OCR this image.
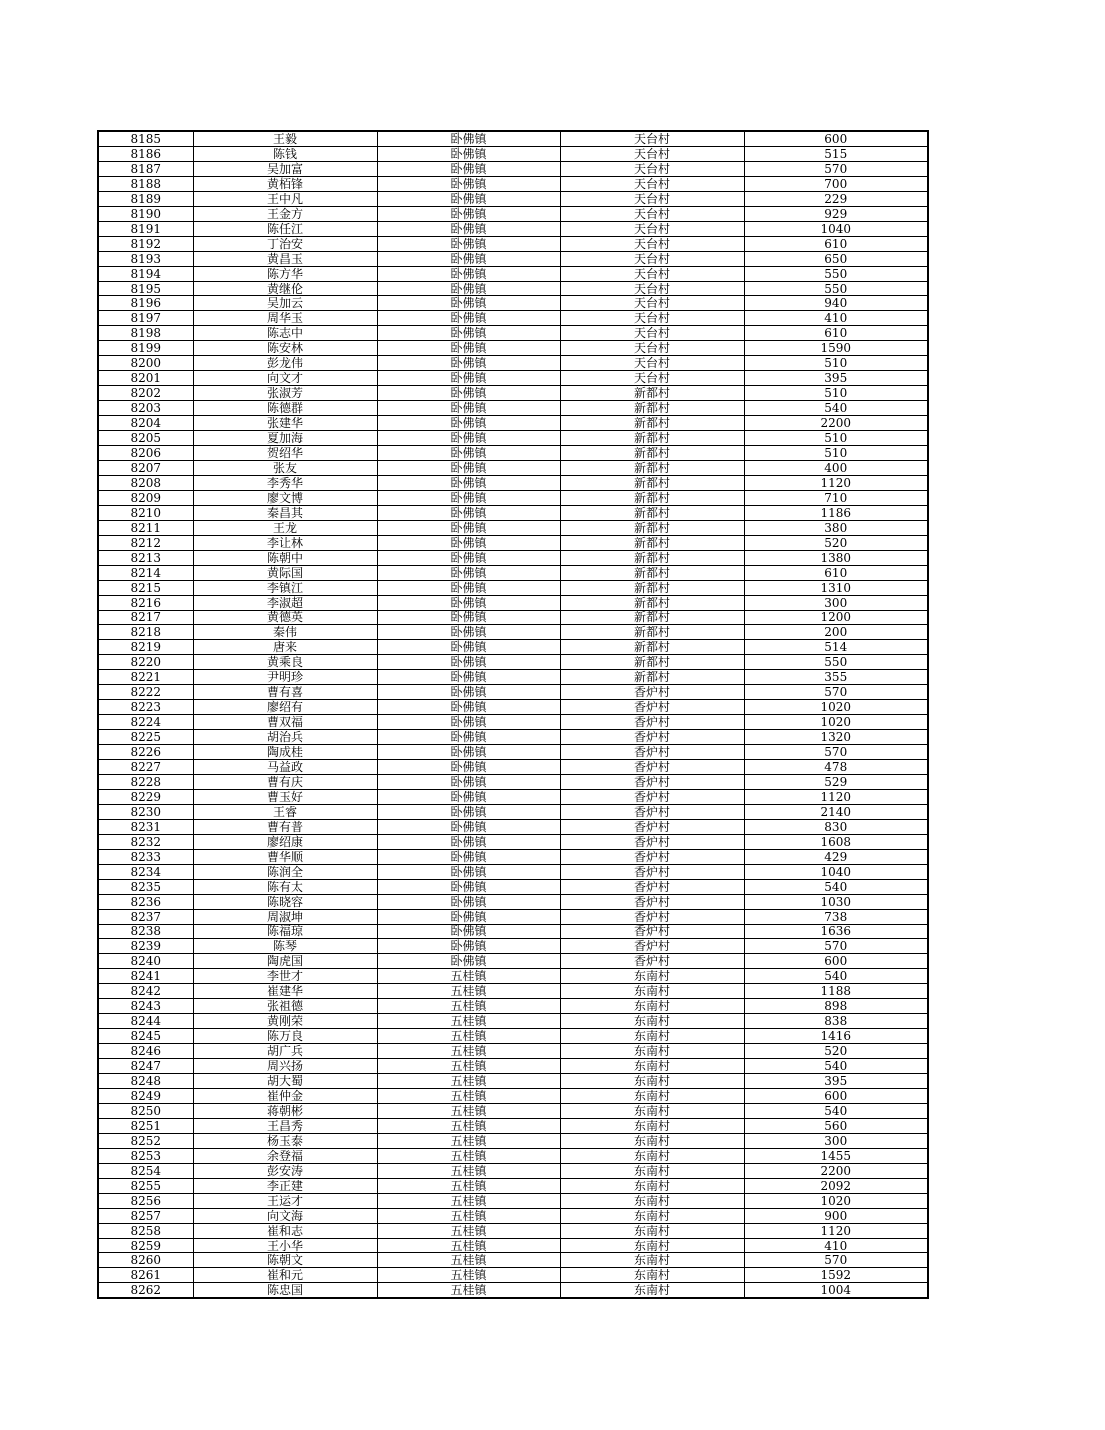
8185	王毅	卧佛镇	天台村	600
8186	陈钱	卧佛镇	天台村	515
8187	吴加富	卧佛镇	天台村	570
8188	黄栢锋	卧佛镇	天台村	700
8189	王中凡	卧佛镇	天台村	229
8190	王金方	卧佛镇	天台村	929
8191	陈任江	卧佛镇	天台村	1040
8192	丁治安	卧佛镇	天台村	610
8193	黄昌玉	卧佛镇	天台村	650
8194	陈方华	卧佛镇	天台村	550
8195	黄继伦	卧佛镇	天台村	550
8196	吴加云	卧佛镇	天台村	940
8197	周华玉	卧佛镇	天台村	410
8198	陈志中	卧佛镇	天台村	610
8199	陈安林	卧佛镇	天台村	1590
8200	彭龙伟	卧佛镇	天台村	510
8201	向文才	卧佛镇	天台村	395
8202	张淑芳	卧佛镇	新都村	510
8203	陈德群	卧佛镇	新都村	540
8204	张建华	卧佛镇	新都村	2200
8205	夏加海	卧佛镇	新都村	510
8206	贺绍华	卧佛镇	新都村	510
8207	张友	卧佛镇	新都村	400
8208	李秀华	卧佛镇	新都村	1120
8209	廖文博	卧佛镇	新都村	710
8210	秦昌其	卧佛镇	新都村	1186
8211	王龙	卧佛镇	新都村	380
8212	李让林	卧佛镇	新都村	520
8213	陈朝中	卧佛镇	新都村	1380
8214	黄际国	卧佛镇	新都村	610
8215	李镇江	卧佛镇	新都村	1310
8216	李淑超	卧佛镇	新都村	300
8217	黄德英	卧佛镇	新都村	1200
8218	秦伟	卧佛镇	新都村	200
8219	唐来	卧佛镇	新都村	514
8220	黄乘良	卧佛镇	新都村	550
8221	尹明珍	卧佛镇	新都村	355
8222	曹有喜	卧佛镇	香炉村	570
8223	廖绍有	卧佛镇	香炉村	1020
8224	曹双福	卧佛镇	香炉村	1020
8225	胡治兵	卧佛镇	香炉村	1320
8226	陶成桂	卧佛镇	香炉村	570
8227	马益政	卧佛镇	香炉村	478
8228	曹有庆	卧佛镇	香炉村	529
8229	曹玉好	卧佛镇	香炉村	1120
8230	王睿	卧佛镇	香炉村	2140
8231	曹有普	卧佛镇	香炉村	830
8232	廖绍康	卧佛镇	香炉村	1608
8233	曹华顺	卧佛镇	香炉村	429
8234	陈润全	卧佛镇	香炉村	1040
8235	陈有太	卧佛镇	香炉村	540
8236	陈晓容	卧佛镇	香炉村	1030
8237	周淑坤	卧佛镇	香炉村	738
8238	陈福琼	卧佛镇	香炉村	1636
8239	陈琴	卧佛镇	香炉村	570
8240	陶虎国	卧佛镇	香炉村	600
8241	李世才	五桂镇	东南村	540
8242	崔建华	五桂镇	东南村	1188
8243	张祖德	五桂镇	东南村	898
8244	黄刚荣	五桂镇	东南村	838
8245	陈万良	五桂镇	东南村	1416
8246	胡广兵	五桂镇	东南村	520
8247	周兴扬	五桂镇	东南村	540
8248	胡大蜀	五桂镇	东南村	395
8249	崔仲金	五桂镇	东南村	600
8250	蒋朝彬	五桂镇	东南村	540
8251	王昌秀	五桂镇	东南村	560
8252	杨玉泰	五桂镇	东南村	300
8253	余登福	五桂镇	东南村	1455
8254	彭安涛	五桂镇	东南村	2200
8255	李正建	五桂镇	东南村	2092
8256	王运才	五桂镇	东南村	1020
8257	向文海	五桂镇	东南村	900
8258	崔和志	五桂镇	东南村	1120
8259	王小华	五桂镇	东南村	410
8260	陈朝文	五桂镇	东南村	570
8261	崔和元	五桂镇	东南村	1592
8262	陈忠国	五桂镇	东南村	1004
